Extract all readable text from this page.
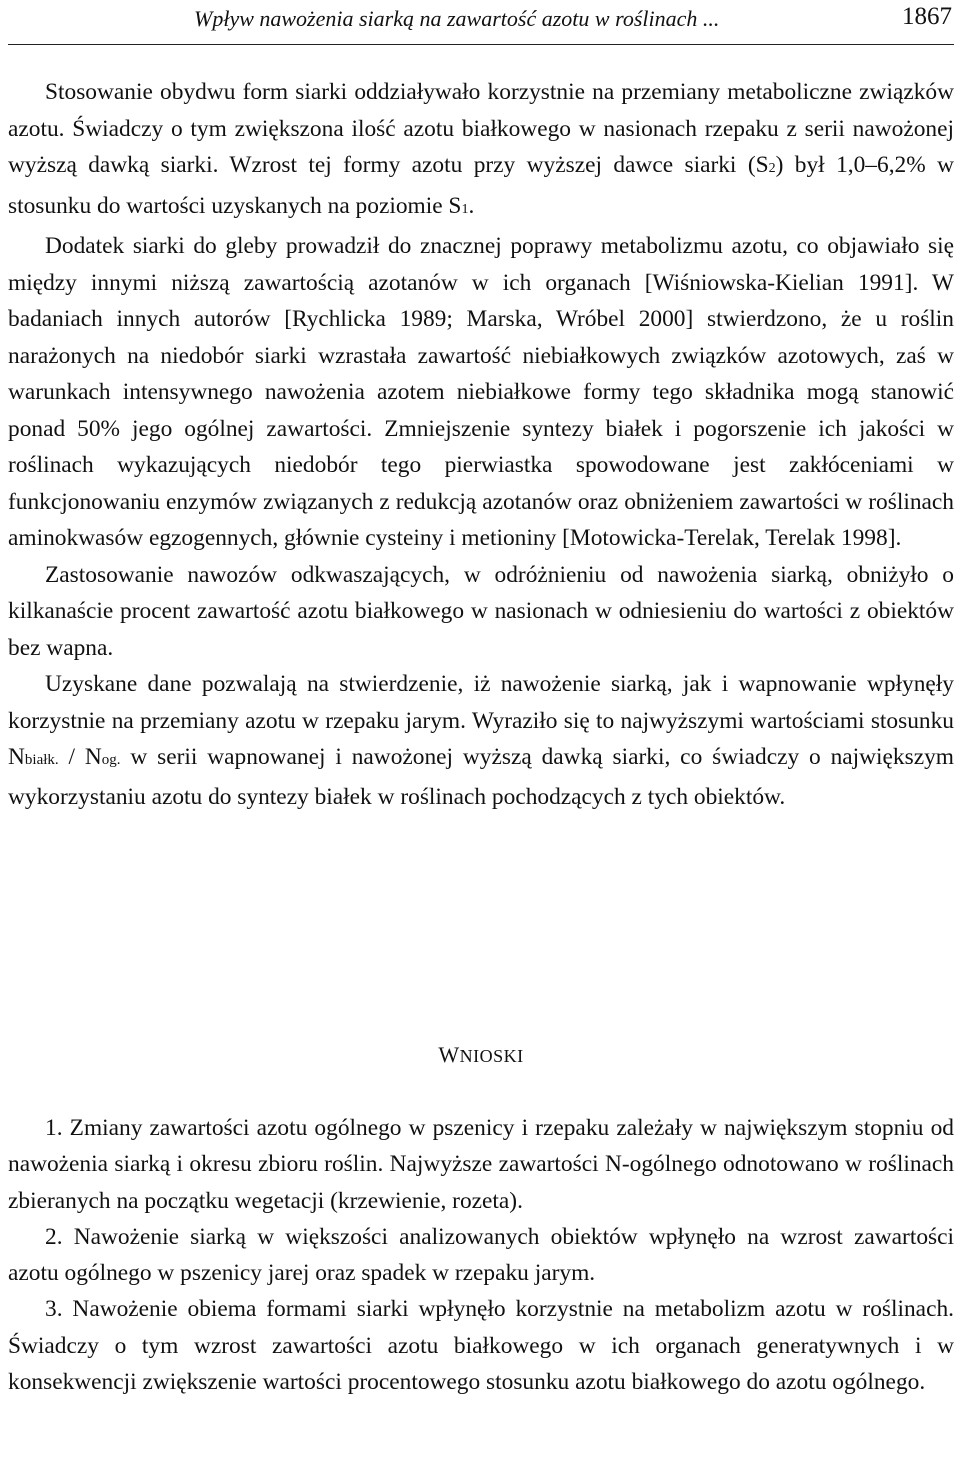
Wpływ nawożenia siarką na zawartość azotu w roślinach ...	1867

Stosowanie obydwu form siarki oddziaływało korzystnie na przemiany metaboliczne związków azotu. Świadczy o tym zwiększona ilość azotu białkowego w nasionach rzepaku z serii nawożonej wyższą dawką siarki. Wzrost tej formy azotu przy wyższej dawce siarki (S2) był 1,0–6,2% w stosunku do wartości uzyskanych na poziomie S1.

Dodatek siarki do gleby prowadził do znacznej poprawy metabolizmu azotu, co objawiało się między innymi niższą zawartością azotanów w ich organach [Wiśniowska-Kielian 1991]. W badaniach innych autorów [Rychlicka 1989; Marska, Wróbel 2000] stwierdzono, że u roślin narażonych na niedobór siarki wzrastała zawartość niebiałkowych związków azotowych, zaś w warunkach intensywnego nawożenia azotem niebiałkowe formy tego składnika mogą stanowić ponad 50% jego ogólnej zawartości. Zmniejszenie syntezy białek i pogorszenie ich jakości w roślinach wykazujących niedobór tego pierwiastka spowodowane jest zakłóceniami w funkcjonowaniu enzymów związanych z redukcją azotanów oraz obniżeniem zawartości w roślinach aminokwasów egzogennych, głównie cysteiny i metioniny [Motowicka-Terelak, Terelak 1998].

Zastosowanie nawozów odkwaszających, w odróżnieniu od nawożenia siarką, obniżyło o kilkanaście procent zawartość azotu białkowego w nasionach w odniesieniu do wartości z obiektów bez wapna.

Uzyskane dane pozwalają na stwierdzenie, iż nawożenie siarką, jak i wapnowanie wpłynęły korzystnie na przemiany azotu w rzepaku jarym. Wyraziło się to najwyższymi wartościami stosunku Nbiałk. / Nog. w serii wapnowanej i nawożonej wyższą dawką siarki, co świadczy o największym wykorzystaniu azotu do syntezy białek w roślinach pochodzących z tych obiektów.

WNIOSKI

1. Zmiany zawartości azotu ogólnego w pszenicy i rzepaku zależały w największym stopniu od nawożenia siarką i okresu zbioru roślin. Najwyższe zawartości N-ogólnego odnotowano w roślinach zbieranych na początku wegetacji (krzewienie, rozeta).

2. Nawożenie siarką w większości analizowanych obiektów wpłynęło na wzrost zawartości azotu ogólnego w pszenicy jarej oraz spadek w rzepaku jarym.

3. Nawożenie obiema formami siarki wpłynęło korzystnie na metabolizm azotu w roślinach. Świadczy o tym wzrost zawartości azotu białkowego w ich organach generatywnych i w konsekwencji zwiększenie wartości procentowego stosunku azotu białkowego do azotu ogólnego.
